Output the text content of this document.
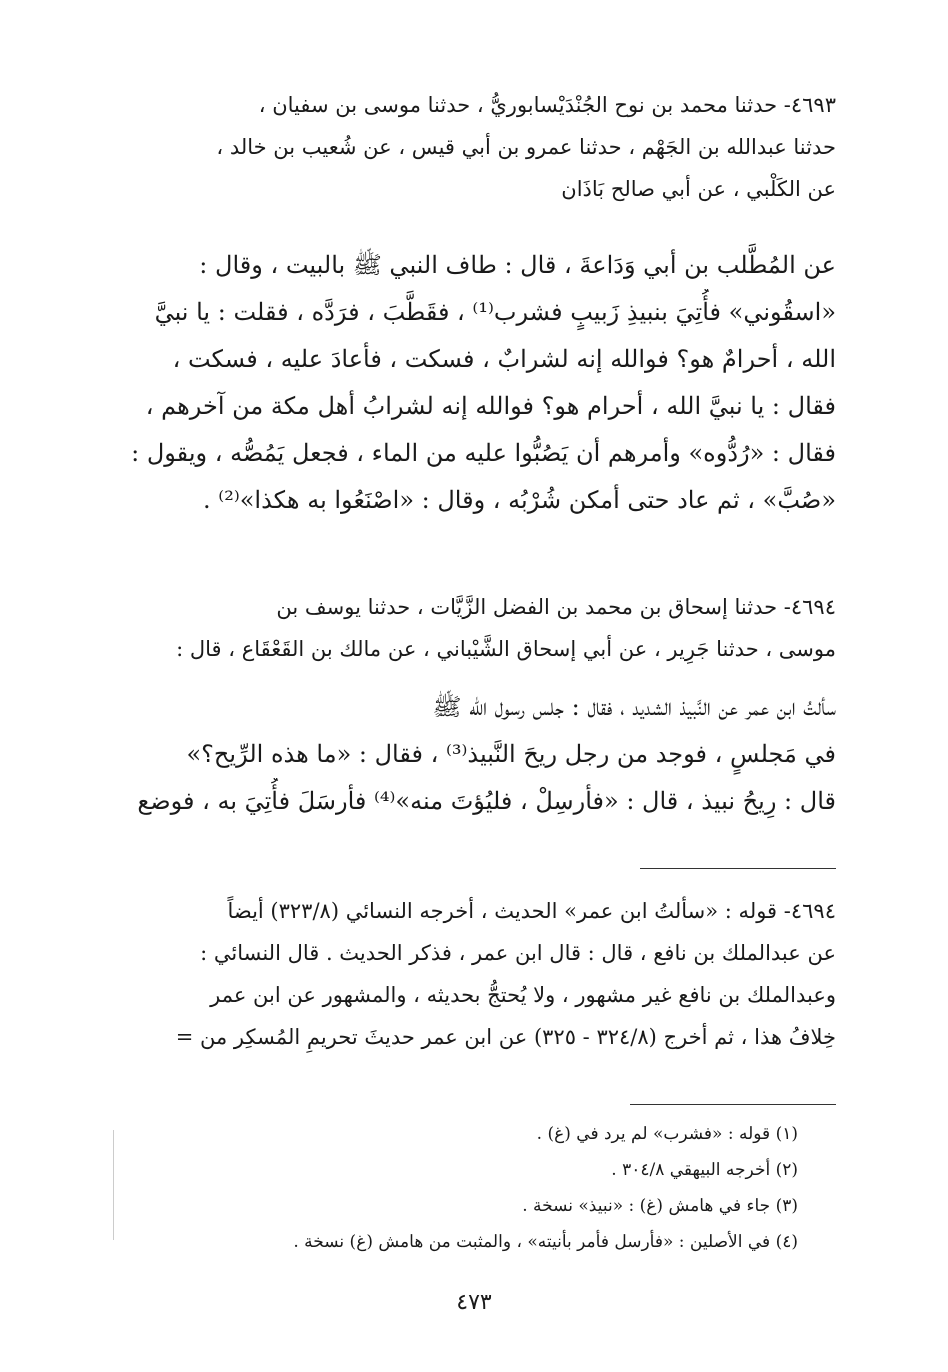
٤٦٩٣- حدثنا محمد بن نوح الجُنْدَيْسابوريُّ ، حدثنا موسى بن سفيان ،

حدثنا عبدالله بن الجَهْم ، حدثنا عمرو بن أبي قيس ، عن شُعيب بن خالد ،

عن الكَلْبي ، عن أبي صالح بَاذَان

عن المُطَّلب بن أبي وَدَاعةَ ، قال : طاف النبي ﷺ بالبيت ، وقال :

«اسقُوني» فأُتِيَ بنبيذِ زَبيبٍ فشرب⁽¹⁾ ، فقَطَّبَ ، فرَدَّه ، فقلت : يا نبيَّ

الله ، أحرامٌ هو؟ فوالله إنه لشرابٌ ، فسكت ، فأعادَ عليه ، فسكت ،

فقال : يا نبيَّ الله ، أحرام هو؟ فوالله إنه لشرابُ أهل مكة من آخرهم ،

فقال : «رُدُّوه» وأمرهم أن يَصُبُّوا عليه من الماء ، فجعل يَمُصُّه ، ويقول :

«صُبَّ» ، ثم عاد حتى أمكن شُرْبُه ، وقال : «اصْنَعُوا به هكذا»⁽²⁾ .

٤٦٩٤- حدثنا إسحاق بن محمد بن الفضل الزَّيَّات ، حدثنا يوسف بن

موسى ، حدثنا جَرِير ، عن أبي إسحاق الشَّيْباني ، عن مالك بن القَعْقَاع ، قال :

سألتُ ابن عمر عن النَّبيذ الشديد ، فقال : جلس رسول الله ﷺ

في مَجلسٍ ، فوجد من رجل ريحَ النَّبيذ⁽³⁾ ، فقال : «ما هذه الرِّيح؟»

قال : رِيحُ نبيذ ، قال : «فأرسِلْ ، فليُؤتَ منه»⁽⁴⁾ فأرسَلَ فأُتِيَ به ، فوضع

٤٦٩٤- قوله : «سألتُ ابن عمر» الحديث ، أخرجه النسائي (٣٢٣/٨) أيضاً

عن عبدالملك بن نافع ، قال : قال ابن عمر ، فذكر الحديث . قال النسائي :

وعبدالملك بن نافع غير مشهور ، ولا يُحتجُّ بحديثه ، والمشهور عن ابن عمر

خِلافُ هذا ، ثم أخرج (٣٢٤/٨ - ٣٢٥) عن ابن عمر حديثَ تحريمِ المُسكِر من =

(١) قوله : «فشرب» لم يرد في (غ) .

(٢) أخرجه البيهقي ٣٠٤/٨ .

(٣) جاء في هامش (غ) : «نبيذ» نسخة .

(٤) في الأصلين : «فأرسل فأمر بأنيته» ، والمثبت من هامش (غ) نسخة .

٤٧٣
